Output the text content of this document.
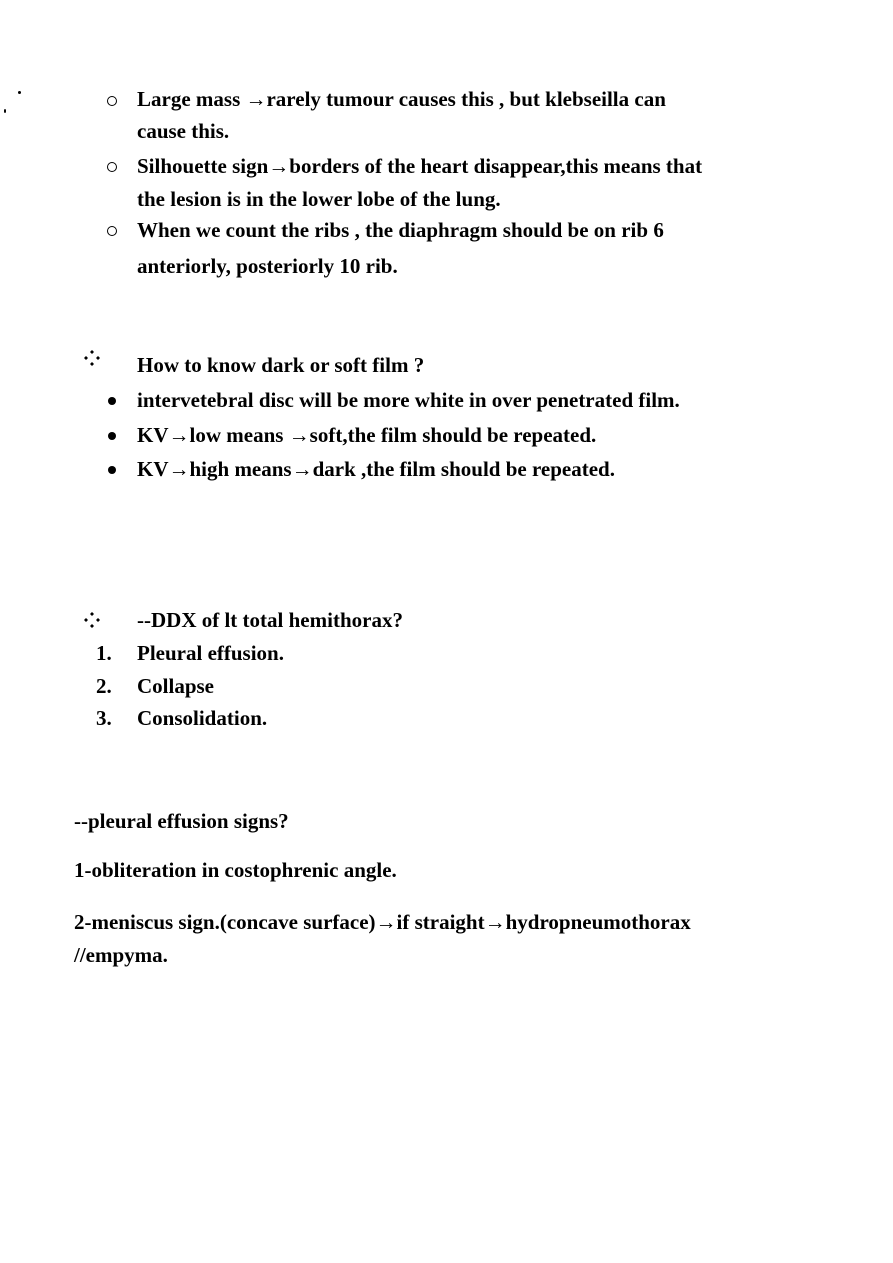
Large mass →rarely tumour causes this , but klebseilla can
cause this.
Silhouette sign→borders of the heart disappear,this means that
the lesion is in the lower lobe of the lung.
When we count the ribs , the diaphragm should be on rib 6
anteriorly, posteriorly 10 rib.
How to know dark or soft film ?
intervetebral disc will be more white in over penetrated film.
KV→low means →soft,the film should be repeated.
KV→high means→dark ,the film should be repeated.
--DDX of lt total hemithorax?
1. Pleural effusion.
2. Collapse
3. Consolidation.
--pleural effusion signs?
1-obliteration in costophrenic angle.
2-meniscus sign.(concave surface)→if straight→hydropneumothorax
//empyma.
